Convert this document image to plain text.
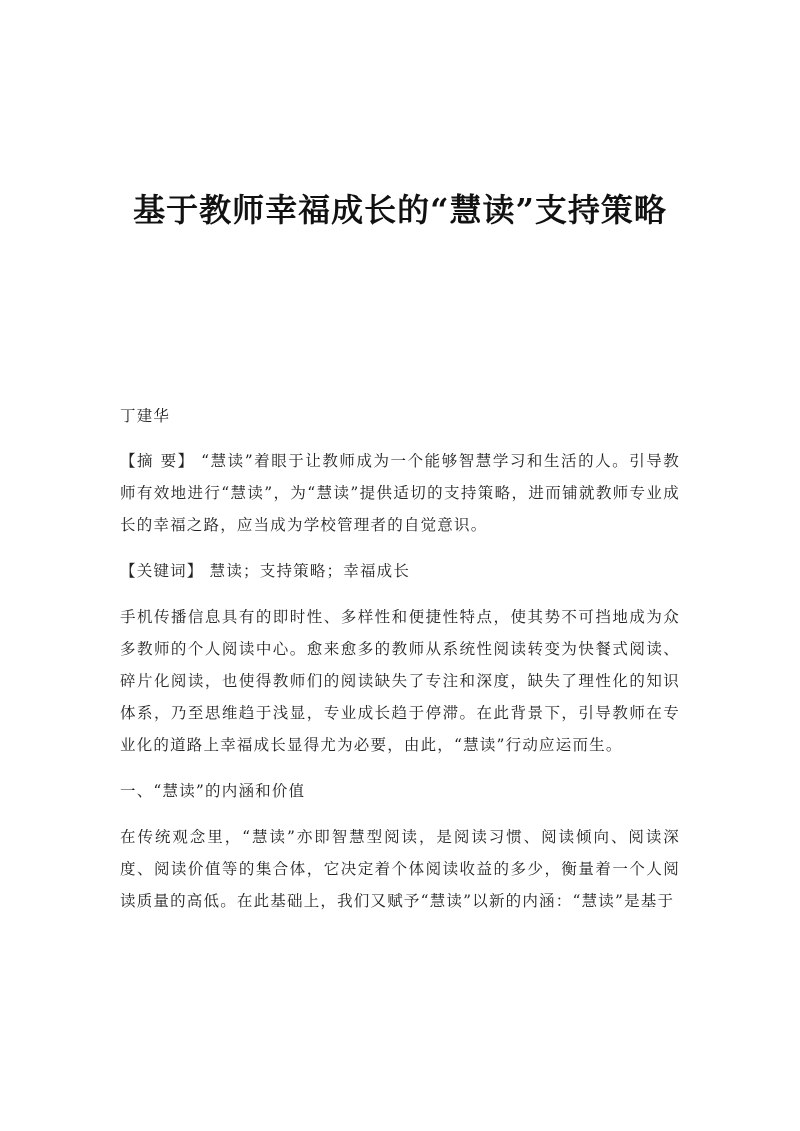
基于教师幸福成长的“慧读”支持策略

丁建华

【摘 要】 “慧读”着眼于让教师成为一个能够智慧学习和生活的人。引导教师有效地进行“慧读”，为“慧读”提供适切的支持策略，进而铺就教师专业成长的幸福之路，应当成为学校管理者的自觉意识。

【关键词】 慧读；支持策略；幸福成长

手机传播信息具有的即时性、多样性和便捷性特点，使其势不可挡地成为众多教师的个人阅读中心。愈来愈多的教师从系统性阅读转变为快餐式阅读、碎片化阅读，也使得教师们的阅读缺失了专注和深度，缺失了理性化的知识体系，乃至思维趋于浅显，专业成长趋于停滞。在此背景下，引导教师在专业化的道路上幸福成长显得尤为必要，由此，“慧读”行动应运而生。

一、“慧读”的内涵和价值

在传统观念里，“慧读”亦即智慧型阅读，是阅读习惯、阅读倾向、阅读深度、阅读价值等的集合体，它决定着个体阅读收益的多少，衡量着一个人阅读质量的高低。在此基础上，我们又赋予“慧读”以新的内涵：“慧读”是基于
